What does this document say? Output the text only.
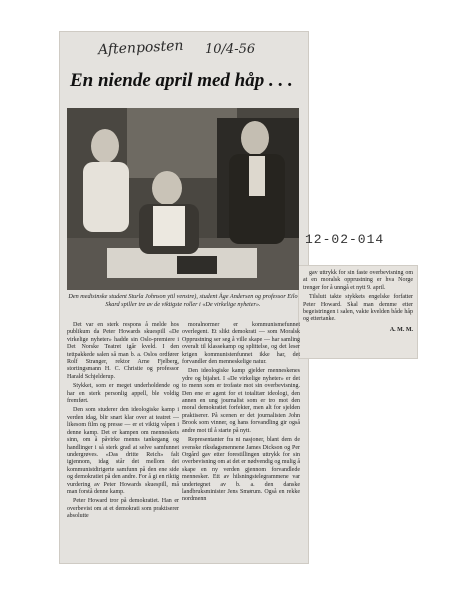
Aftenposten 10/4-56
12-02-014
En niende april med håp . . .
Den medisinske student Sturla Johnson ytil venstre), student Åge Andersen og professor Eilo Skard spiller tre av de viktigste roller i «De virkelige nyheter».

Det var en sterk respons å melde hos publikum da Peter Howards skuespill «De virkelige nyheter» hadde sin Oslo-premiere i Det Norske Teatret igår kveld. I den tettpakkede salen så man b. a. Oslos ordfører Rolf Stranger, rektor Arne Fjelberg, stortingsmann H. C. Christie og professor Harald Schjelderup.

Stykket, som er meget underholdende og har en sterk personlig appell, ble voldig fremført.

Den som studerer den ideologiske kamp i verden idag, blir snart klar over at teatret — likesom film og presse — er et viktig våpen i denne kamp. Det er kampen om menneskets sinn, om å påvirke menns tankegang og handlinger i så sterk grad at selve samfunnet undergrøves. «Das dritte Reich» falt igjennom, idag står det mellom det kommunistdirigerte samfunn på den ene side og demokratiet på den andre. For å gi en riktig vurdering av Peter Howards skuespill, må man forstå denne kamp.

Peter Howard tror på demokratiet. Han er overbevist om at et demokrati som praktiserer absolutte

moralnormer er kommunismefunnet overlegent. Et slikt demokrati — som Moralsk Opprustning ser seg å ville skape — har samling overalt til klassekamp og splittelse, og det leser krigen kommunistenfunnet ikke har, det forvandler den menneskelige natur.

Den ideologiske kamp gjelder menneskenes ydre og bijahet. I «De virkelige nyheter» er det to menn som er trofaste mot sin overbevisning. Den ene er agent for et totalitær ideologi, den annen en ung journalist som er tro mot den moral demokratiet forfekter, men alt for sjelden praktiserer. På scenen er det journalisten John Brook som vinner, og hans forvandling gir også andre mot til å starte på nytt.

Representanter fra ni nasjoner, blant dem de svenske riksdagsmennene James Dickson og Per Orgård gav etter forestillingen uttrykk for sin overbevisning om at det er nødvendig og mulig å skape en ny verden gjennom forvandlede mennesker. Ett av hilsningstelegrammene var undertegnet av b. a. den danske landbruksminister Jens Smørum. Også en rekke nordmenn

gav uttrykk for sin faste overbevisning om at en moralsk opprustning er hva Norge trenger for å unngå et nytt 9. april.

Tilslutt takte stykkets engelske forfatter Peter Howard. Skal man demme etter begeistringen i salen, vakte kvelden både håp og ettertanke.

A. M. M.
